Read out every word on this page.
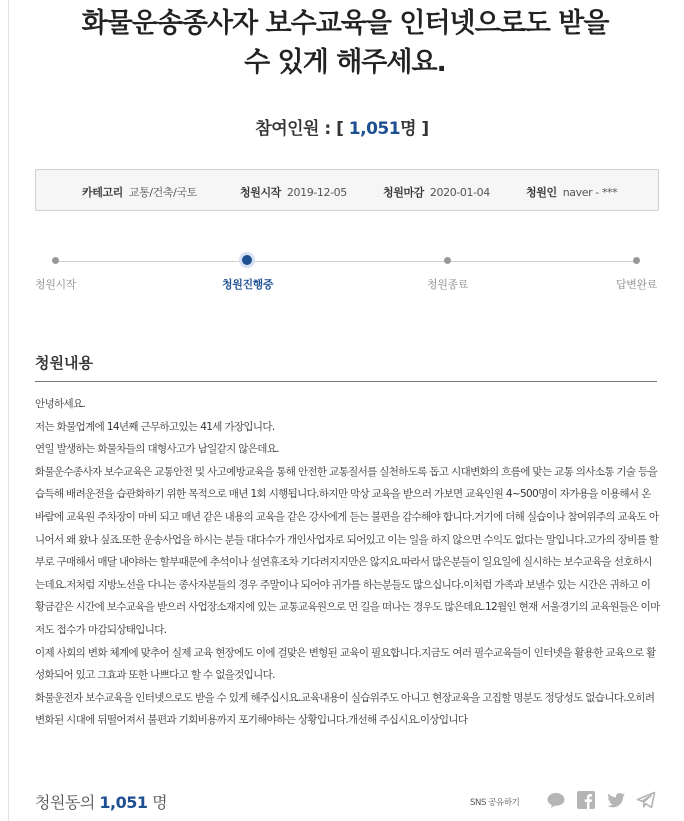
화물운송종사자 보수교육을 인터넷으로도 받을
수 있게 해주세요.
참여인원 : [ 1,051명 ]
카테고리 교통/건축/국토	청원시작 2019-12-05	청원마감 2020-01-04	청원인 naver - ***
청원시작	청원진행중	청원종료	답변완료
청원내용

안녕하세요.

저는 화물업계에 14년째 근무하고있는 41세 가장입니다.

연일 발생하는 화물차들의 대형사고가 남일같지 않은데요.

화물운수종사자 보수교육은 교통안전 및 사고예방교육을 통해 안전한 교통질서를 실천하도록 돕고 시대변화의 흐름에 맞는 교통 의사소통 기술 등을 습득해 배려운전을 습관화하기 위한 목적으로 매년 1회 시행됩니다.하지만 막상 교육을 받으러 가보면 교육인원 4~500명이 자가용을 이용해서 온바람에 교육원 주차장이 마비 되고 매년 같은 내용의 교육을 같은 강사에게 듣는 불편을 감수해야 합니다.거기에 더해 실습이나 참여위주의 교육도 아니어서 왜 왔나 싶죠.또한 운송사업을 하시는 분들 대다수가 개인사업자로 되어있고 이는 일을 하지 않으면 수익도 없다는 말입니다.고가의 장비를 할부로 구매해서 매달 내야하는 할부때문에 추석이나 설연휴조차 기다려지지만은 않지요.따라서 많은분들이 일요일에 실시하는 보수교육을 선호하시는데요.저처럼 지방노선을 다니는 종사자분들의 경우 주말이나 되어야 귀가를 하는분들도 많으십니다.이처럼 가족과 보낼수 있는 시간은 귀하고 이 황금같은 시간에 보수교육을 받으러 사업장소재지에 있는 교통교육원으로 먼 길을 떠나는 경우도 많은데요.12월인 현재 서울경기의 교육원들은 이마저도 접수가 마감되상태입니다.

이제 사회의 변화 체계에 맞추어 실제 교육 현장에도 이에 걸맞은 변형된 교육이 필요합니다.지금도 여러 필수교육들이 인터넷을 활용한 교육으로 활성화되어 있고 그효과 또한 나쁘다고 할 수 없을것입니다.

화물운전자 보수교육을 인터넷으로도 받을 수 있게 해주십시요.교육내용이 실습위주도 아니고 현장교육을 고집할 명분도 정당성도 없습니다.오히려 변화된 시대에 뒤떨어져서 불편과 기회비용까지 포기해야하는 상황입니다.개선해 주십시요.이상입니다

청원동의 1,051 명	SNS 공유하기
